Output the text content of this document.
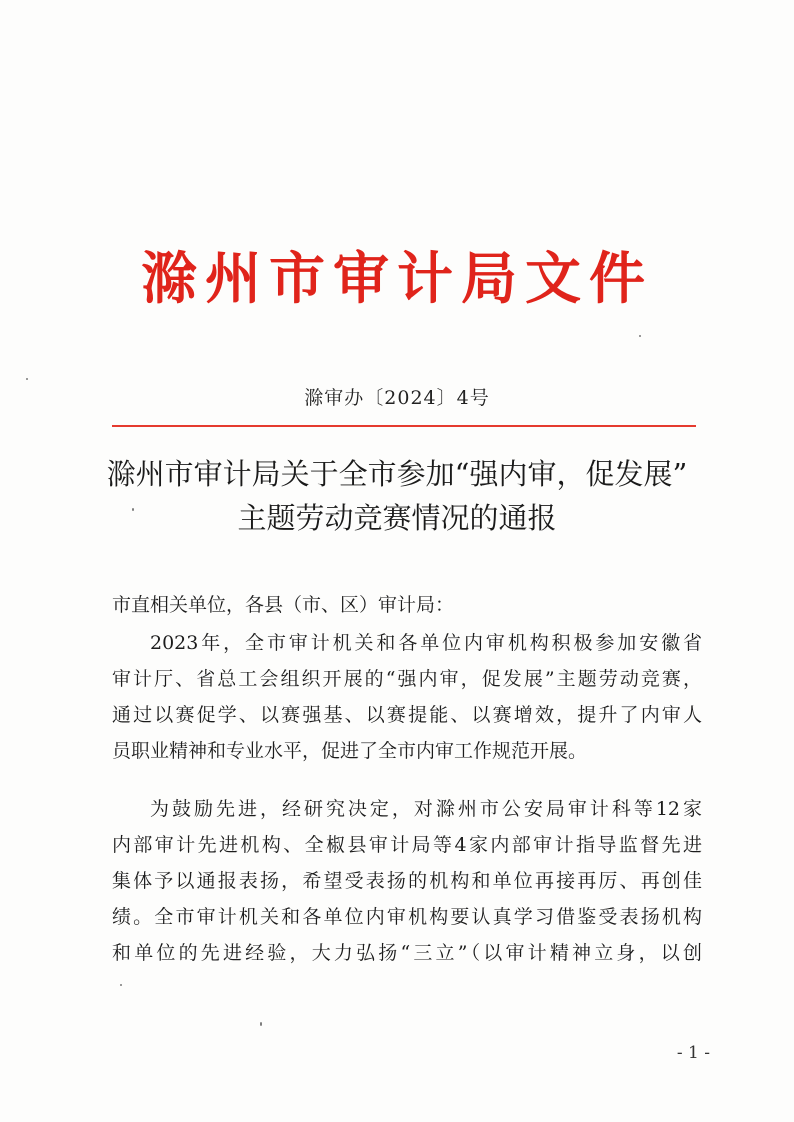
滁州市审计局文件
滁审办〔2024〕4号
滁州市审计局关于全市参加“强内审，促发展”
主题劳动竞赛情况的通报
市直相关单位，各县（市、区）审计局：
2023年，全市审计机关和各单位内审机构积极参加安徽省
审计厅、省总工会组织开展的“强内审，促发展”主题劳动竞赛，
通过以赛促学、以赛强基、以赛提能、以赛增效，提升了内审人
员职业精神和专业水平，促进了全市内审工作规范开展。
为鼓励先进，经研究决定，对滁州市公安局审计科等12家
内部审计先进机构、全椒县审计局等4家内部审计指导监督先进
集体予以通报表扬，希望受表扬的机构和单位再接再厉、再创佳
绩。全市审计机关和各单位内审机构要认真学习借鉴受表扬机构
和单位的先进经验，大力弘扬“三立”（以审计精神立身，以创
- 1 -
